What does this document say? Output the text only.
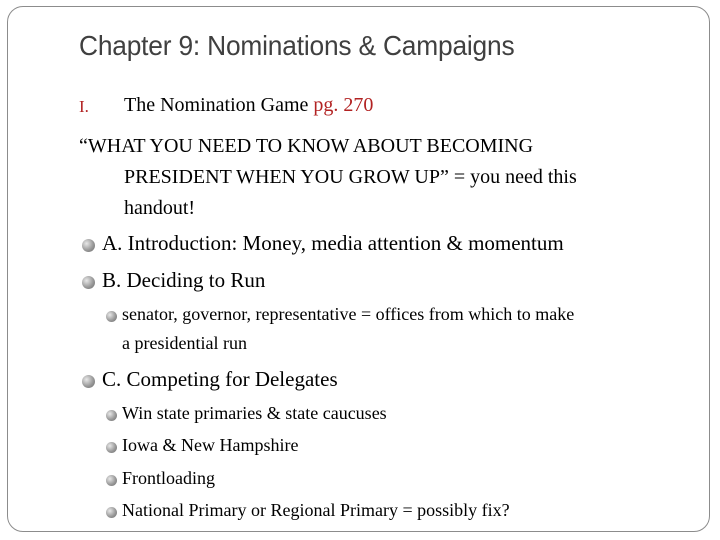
Chapter 9: Nominations & Campaigns
I. The Nomination Game pg. 270
“WHAT YOU NEED TO KNOW ABOUT BECOMING
PRESIDENT WHEN YOU GROW UP” = you need this
handout!
A. Introduction: Money, media attention & momentum
B. Deciding to Run
senator, governor, representative = offices from which to make
a presidential run
C. Competing for Delegates
Win state primaries & state caucuses
Iowa & New Hampshire
Frontloading
National Primary or Regional Primary = possibly fix?
